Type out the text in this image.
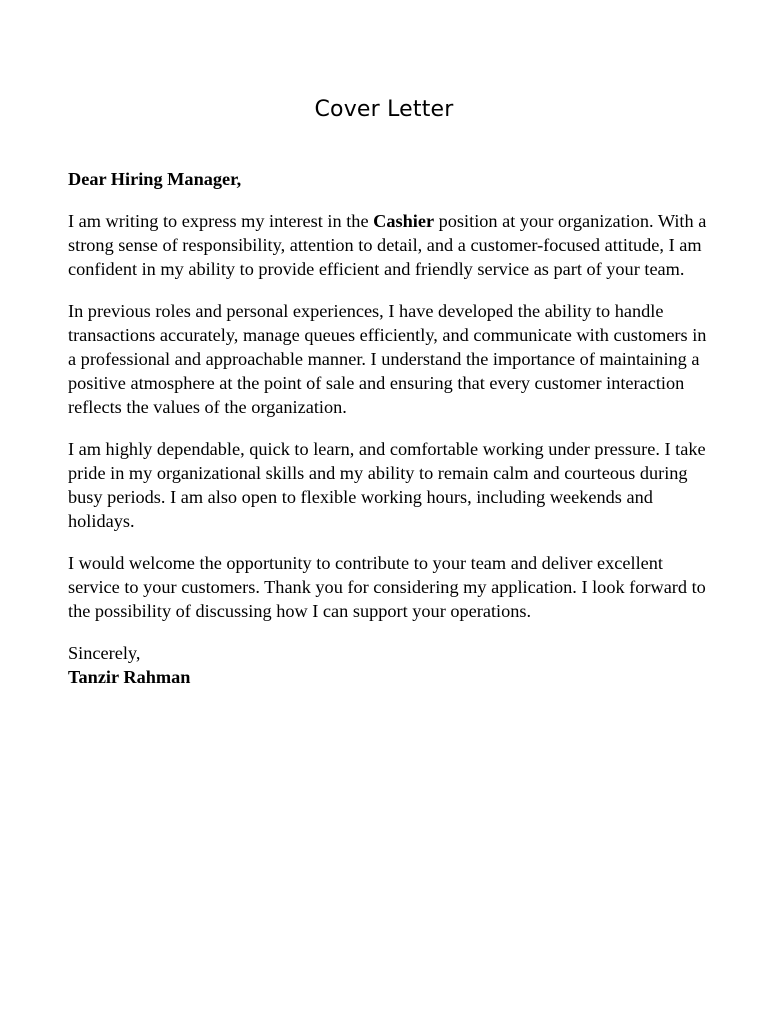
Cover Letter

Dear Hiring Manager,

I am writing to express my interest in the Cashier position at your organization. With a strong sense of responsibility, attention to detail, and a customer-focused attitude, I am confident in my ability to provide efficient and friendly service as part of your team.

In previous roles and personal experiences, I have developed the ability to handle transactions accurately, manage queues efficiently, and communicate with customers in a professional and approachable manner. I understand the importance of maintaining a positive atmosphere at the point of sale and ensuring that every customer interaction reflects the values of the organization.

I am highly dependable, quick to learn, and comfortable working under pressure. I take pride in my organizational skills and my ability to remain calm and courteous during busy periods. I am also open to flexible working hours, including weekends and holidays.

I would welcome the opportunity to contribute to your team and deliver excellent service to your customers. Thank you for considering my application. I look forward to the possibility of discussing how I can support your operations.

Sincerely,
Tanzir Rahman
